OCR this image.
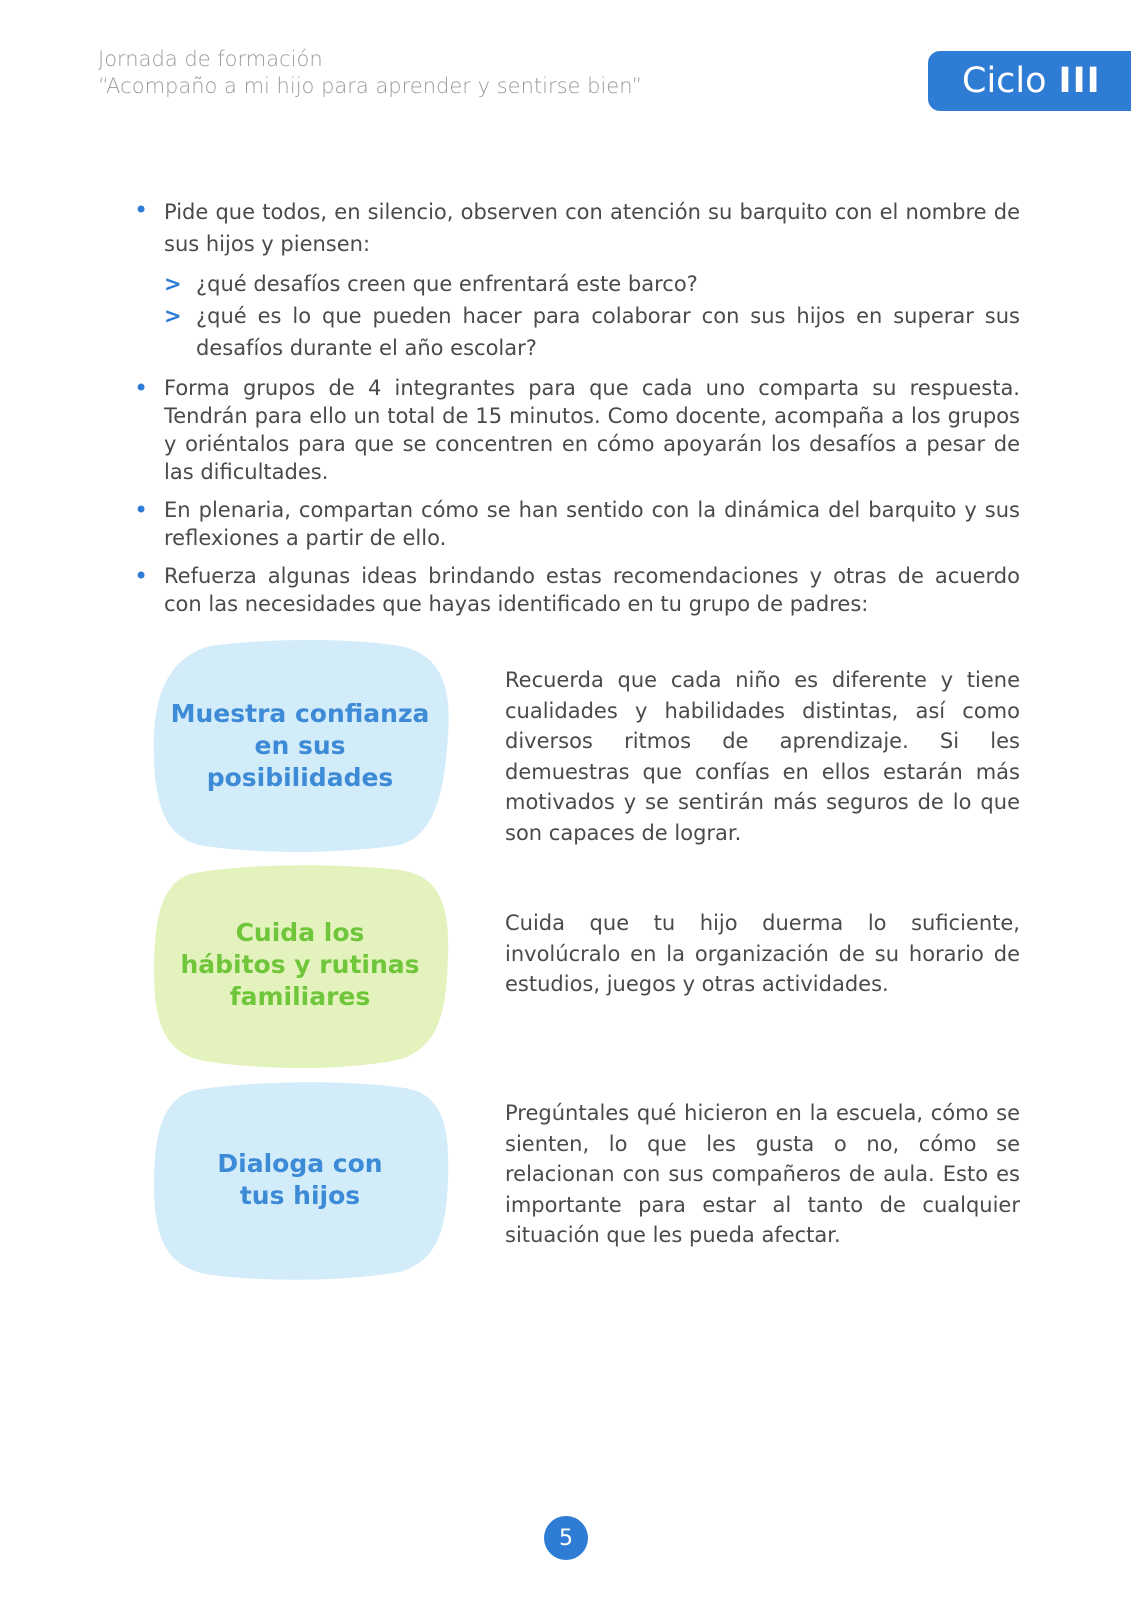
Jornada de formación
“Acompaño a mi hijo para aprender y sentirse bien”	Ciclo III
• Pide que todos, en silencio, observen con atención su barquito con el nombre de sus hijos y piensen:

> ¿qué desafíos creen que enfrentará este barco?
> ¿qué es lo que pueden hacer para colaborar con sus hijos en superar sus desafíos durante el año escolar?
• Forma grupos de 4 integrantes para que cada uno comparta su respuesta. Tendrán para ello un total de 15 minutos. Como docente, acompaña a los grupos y oriéntalos para que se concentren en cómo apoyarán los desafíos a pesar de las dificultades.

• En plenaria, compartan cómo se han sentido con la dinámica del barquito y sus reflexiones a partir de ello.

• Refuerza algunas ideas brindando estas recomendaciones y otras de acuerdo con las necesidades que hayas identificado en tu grupo de padres:

Muestra confianza
en sus
posibilidades
Recuerda que cada niño es diferente y tiene cualidades y habilidades distintas, así como diversos ritmos de aprendizaje. Si les demuestras que confías en ellos estarán más motivados y se sentirán más seguros de lo que son capaces de lograr.
Cuida los
hábitos y rutinas
familiares
Cuida que tu hijo duerma lo suficiente, involúcralo en la organización de su horario de estudios, juegos y otras actividades.
Dialoga con
tus hijos
Pregúntales qué hicieron en la escuela, cómo se sienten, lo que les gusta o no, cómo se relacionan con sus compañeros de aula. Esto es importante para estar al tanto de cualquier situación que les pueda afectar.
5
